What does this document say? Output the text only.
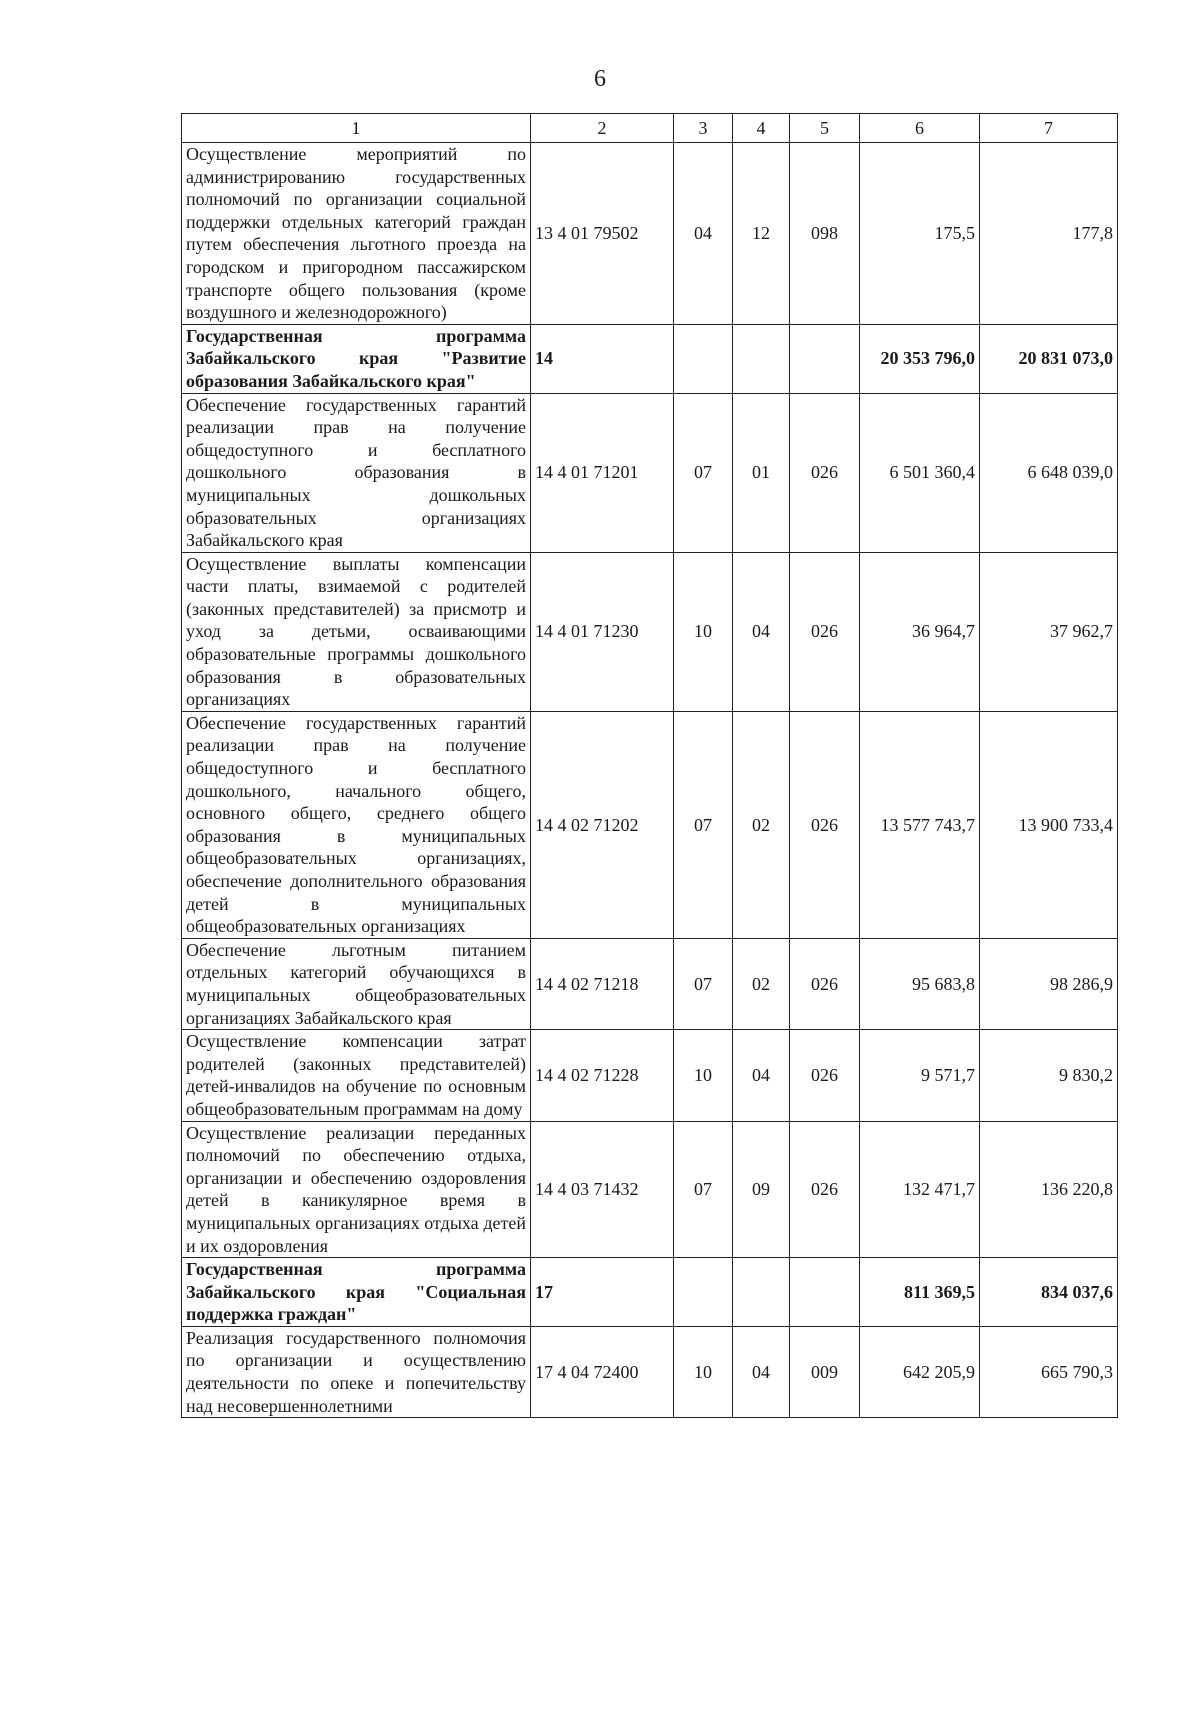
6
1	2	3	4	5	6	7
Осуществление мероприятий по администрированию государственных полномочий по организации социальной поддержки отдельных категорий граждан путем обеспечения льготного проезда на городском и пригородном пассажирском транспорте общего пользования (кроме воздушного и железнодорожного)	13 4 01 79502	04	12	098	175,5	177,8
Государственная программа Забайкальского края "Развитие образования Забайкальского края"	14				20 353 796,0	20 831 073,0
Обеспечение государственных гарантий реализации прав на получение общедоступного и бесплатного дошкольного образования в муниципальных дошкольных образовательных организациях Забайкальского края	14 4 01 71201	07	01	026	6 501 360,4	6 648 039,0
Осуществление выплаты компенсации части платы, взимаемой с родителей (законных представителей) за присмотр и уход за детьми, осваивающими образовательные программы дошкольного образования в образовательных организациях	14 4 01 71230	10	04	026	36 964,7	37 962,7
Обеспечение государственных гарантий реализации прав на получение общедоступного и бесплатного дошкольного, начального общего, основного общего, среднего общего образования в муниципальных общеобразовательных организациях, обеспечение дополнительного образования детей в муниципальных общеобразовательных организациях	14 4 02 71202	07	02	026	13 577 743,7	13 900 733,4
Обеспечение льготным питанием отдельных категорий обучающихся в муниципальных общеобразовательных организациях Забайкальского края	14 4 02 71218	07	02	026	95 683,8	98 286,9
Осуществление компенсации затрат родителей (законных представителей) детей-инвалидов на обучение по основным общеобразовательным программам на дому	14 4 02 71228	10	04	026	9 571,7	9 830,2
Осуществление реализации переданных полномочий по обеспечению отдыха, организации и обеспечению оздоровления детей в каникулярное время в муниципальных организациях отдыха детей и их оздоровления	14 4 03 71432	07	09	026	132 471,7	136 220,8
Государственная программа Забайкальского края "Социальная поддержка граждан"	17				811 369,5	834 037,6
Реализация государственного полномочия по организации и осуществлению деятельности по опеке и попечительству над несовершеннолетними	17 4 04 72400	10	04	009	642 205,9	665 790,3
